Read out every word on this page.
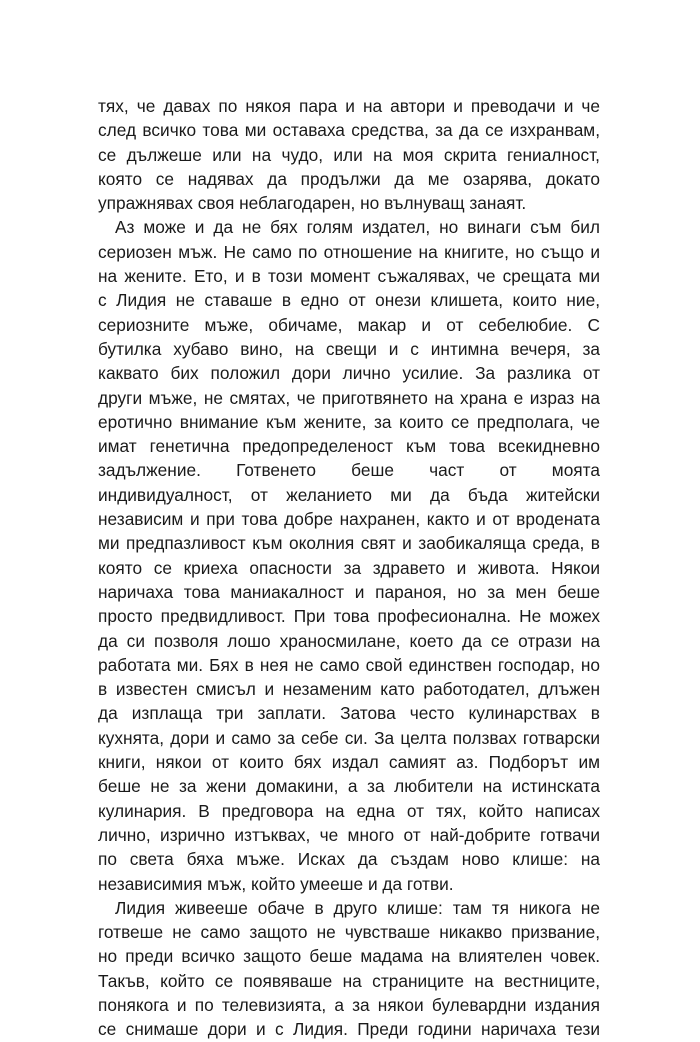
тях, че давах по някоя пара и на автори и преводачи и че
след всичко това ми оставаха средства, за да се изхранвам,
се дължеше или на чудо, или на моя скрита гениалност,
която се надявах да продължи да ме озарява, докато
упражнявах своя неблагодарен, но вълнуващ занаят.
Аз може и да не бях голям издател, но винаги съм бил
сериозен мъж. Не само по отношение на книгите, но също и
на жените. Ето, и в този момент съжалявах, че срещата ми
с Лидия не ставаше в едно от онези клишета, които ние,
сериозните мъже, обичаме, макар и от себелюбие. С
бутилка хубаво вино, на свещи и с интимна вечеря, за
каквато бих положил дори лично усилие. За разлика от
други мъже, не смятах, че приготвянето на храна е израз на
еротично внимание към жените, за които се предполага, че
имат генетична предопределеност към това всекидневно
задължение. Готвенето беше част от моята
индивидуалност, от желанието ми да бъда житейски
независим и при това добре нахранен, както и от вродената
ми предпазливост към околния свят и заобикаляща среда, в
която се криеха опасности за здравето и живота. Някои
наричаха това маниакалност и параноя, но за мен беше
просто предвидливост. При това професионална. Не можех
да си позволя лошо храносмилане, което да се отрази на
работата ми. Бях в нея не само свой единствен господар, но
в известен смисъл и незаменим като работодател, длъжен
да изплаща три заплати. Затова често кулинарствах в
кухнята, дори и само за себе си. За целта ползвах готварски
книги, някои от които бях издал самият аз. Подборът им
беше не за жени домакини, а за любители на истинската
кулинария. В предговора на една от тях, който написах
лично, изрично изтъквах, че много от най-добрите готвачи
по света бяха мъже. Исках да създам ново клише: на
независимия мъж, който умееше и да готви.
Лидия живееше обаче в друго клише: там тя никога не
готвеше не само защото не чувстваше никакво призвание,
но преди всичко защото беше мадама на влиятелен човек.
Такъв, който се появяваше на страниците на вестниците,
понякога и по телевизията, а за някои булевардни издания
се снимаше дори и с Лидия. Преди години наричаха тези
